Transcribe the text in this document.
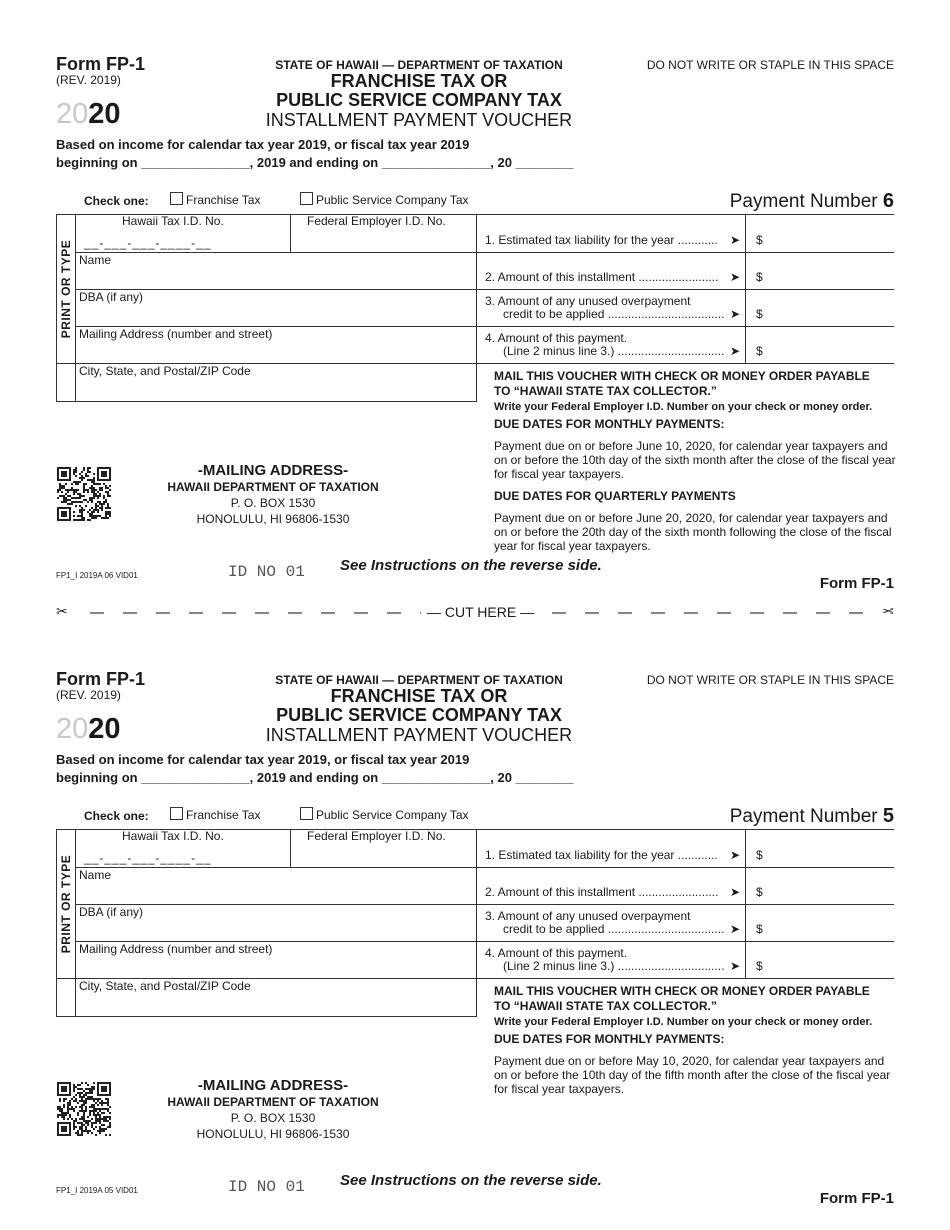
Form FP-1
(REV. 2019)
2020
STATE OF HAWAII — DEPARTMENT OF TAXATION
FRANCHISE TAX OR
PUBLIC SERVICE COMPANY TAX
INSTALLMENT PAYMENT VOUCHER
DO NOT WRITE OR STAPLE IN THIS SPACE
Based on income for calendar tax year 2019, or fiscal tax year 2019
beginning on _______________, 2019 and ending on _______________, 20 ________
Check one:	Franchise Tax	Public Service Company Tax	Payment Number 6
PRINT OR TYPE
Hawaii Tax I.D. No.
__-___-___-____-__
Federal Employer I.D. No.
Name
DBA (if any)
Mailing Address (number and street)
City, State, and Postal/ZIP Code
1. Estimated tax liability for the year ............ ➤ $
2. Amount of this installment ........................ ➤ $
3. Amount of any unused overpayment
credit to be applied ................................... ➤ $
4. Amount of this payment.
(Line 2 minus line 3.) ................................ ➤ $
MAIL THIS VOUCHER WITH CHECK OR MONEY ORDER PAYABLE
TO “HAWAII STATE TAX COLLECTOR.”
Write your Federal Employer I.D. Number on your check or money order.
DUE DATES FOR MONTHLY PAYMENTS:
Payment due on or before June 10, 2020, for calendar year taxpayers and on or before the 10th day of the sixth month after the close of the fiscal year for fiscal year taxpayers.
DUE DATES FOR QUARTERLY PAYMENTS
Payment due on or before June 20, 2020, for calendar year taxpayers and on or before the 20th day of the sixth month following the close of the fiscal year for fiscal year taxpayers.
-MAILING ADDRESS-
HAWAII DEPARTMENT OF TAXATION
P. O. BOX 1530
HONOLULU, HI 96806-1530
FP1_I 2019A 06 VID01	ID NO 01 See Instructions on the reverse side.
Form FP-1
Form FP-1
(REV. 2019)
2020
STATE OF HAWAII — DEPARTMENT OF TAXATION
FRANCHISE TAX OR
PUBLIC SERVICE COMPANY TAX
INSTALLMENT PAYMENT VOUCHER
DO NOT WRITE OR STAPLE IN THIS SPACE
Based on income for calendar tax year 2019, or fiscal tax year 2019
beginning on _______________, 2019 and ending on _______________, 20 ________
Check one:	Franchise Tax	Public Service Company Tax	Payment Number 5
PRINT OR TYPE
Hawaii Tax I.D. No.
__-___-___-____-__
Federal Employer I.D. No.
Name
DBA (if any)
Mailing Address (number and street)
City, State, and Postal/ZIP Code
1. Estimated tax liability for the year ............ ➤ $
2. Amount of this installment ........................ ➤ $
3. Amount of any unused overpayment
credit to be applied ................................... ➤ $
4. Amount of this payment.
(Line 2 minus line 3.) ................................ ➤ $
MAIL THIS VOUCHER WITH CHECK OR MONEY ORDER PAYABLE
TO “HAWAII STATE TAX COLLECTOR.”
Write your Federal Employer I.D. Number on your check or money order.
DUE DATES FOR MONTHLY PAYMENTS:
Payment due on or before May 10, 2020, for calendar year taxpayers and on or before the 10th day of the fifth month after the close of the fiscal year for fiscal year taxpayers.
-MAILING ADDRESS-
HAWAII DEPARTMENT OF TAXATION
P. O. BOX 1530
HONOLULU, HI 96806-1530
FP1_I 2019A 05 VID01	ID NO 01 See Instructions on the reverse side.
Form FP-1
✂	— CUT HERE —	✂
